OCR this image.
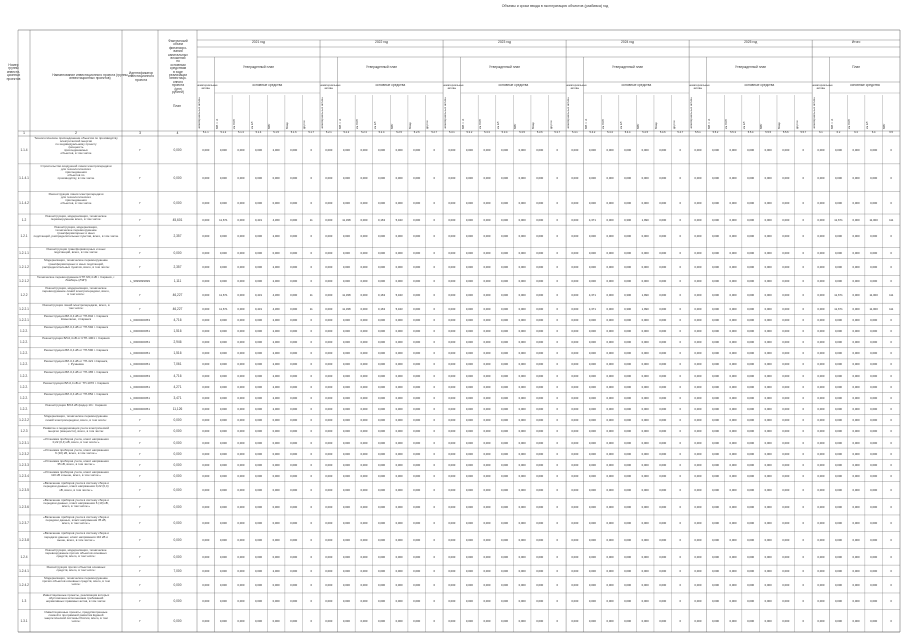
Объемы и сроки ввода в эксплуатацию объектов (разбивка) год
Номер
группы
инвести-
ционных
проектов
Наименование инвестиционного проекта (группы
инвестиционных проектов)
Идентификатор
инвестиционного
проекта
Фактический
объем
финансиро-
вания
капитальных
вложений
по
основным
средствам
в ходе
реализации
инвестици-
онного
проекта
(млн
рублей)
План
2021 год	2022 год	2023 год	2024 год	2025 год	Итого
Утвержденный план
нематериальные активы
основные средства
Утвержденный план
нематериальные активы
основные средства
Утвержденный план
нематериальные активы
основные средства
Утвержденный план
нематериальные активы
основные средства
Утвержденный план
нематериальные активы
основные средства
План
нематериальные активы
основные средства
нематериальные активы	МВ×А	км ЛЭП	км КЛ	МВт	Мвар	другое	нематериальные активы	МВ×А	км ЛЭП	км КЛ	МВт	Мвар	другое	нематериальные активы	МВ×А	км ЛЭП	км КЛ	МВт	Мвар	другое	нематериальные активы	МВ×А	км ЛЭП	км КЛ	МВт	Мвар	другое	нематериальные активы	МВ×А	км ЛЭП	км КЛ	МВт	Мвар	другое	нематериальные активы	МВ×А	км ЛЭП	км КЛ	МВт
1	2	3	4	5.1.1	5.1.2	5.1.3	5.1.4	5.1.5	5.1.6	5.1.7	5.2.1	5.2.2	5.2.3	5.2.4	5.2.5	5.2.6	5.2.7	5.3.1	5.3.2	5.3.3	5.3.4	5.3.5	5.3.6	5.3.7	5.4.1	5.4.2	5.4.3	5.4.4	5.4.5	5.4.6	5.4.7	5.5.1	5.5.2	5.5.3	5.5.4	5.5.5	5.5.6	5.5.7	6.1	6.2	6.3	6.4	6.5
1.1.4
Технологическое присоединение объектов по производству электрической энергии
по индивидуальному проекту
(мощность
присоединяемых
объектов, в том числе
Г	0,000	0,000	0,000	0,000	0,000	2,000	0,000	0	0,000	0,000	0,000	0,000	0,000	0,000	0	0,000	0,000	0,000	0,000	0,000	0,000	0	0,000	0,000	0,000	0,000	0,000	0,000	0	0,000	0,000	0,000	0,000	0,000	0,000	0	0,000	0,000	0,000	0,000	0
1.1.4.1
Строительство воздушной линии электропередачи
для технологического
присоединения
объектов по
производству, в том числе	Г	0,000	0,000	0,000	0,000	0,000	0,000	0,000	0	0,000	0,000	0,000	0,000	0,000	0,000	0	0,000	0,000	0,000	0,000	0,000	0,000	0	0,000	0,000	0,000	0,000	0,000	0,000	0	0,000	0,000	0,000	0,000	0,000	0,000	0	0,000	0,000	0,000	0,000	0
1.1.4.2
Реконструкция линии электропередачи
для технологического
присоединения
объектов, в том числе	Г	0,000	0,000	0,000	0,000	0,000	0,000	0,000	0	0,000	0,000	0,000	0,000	0,000	0,000	0	0,000	0,000	0,000	0,000	0,000	0,000	0	0,000	0,000	0,000	0,000	0,000	0,000	0	0,000	0,000	0,000	0,000	0,000	0,000	0	0,000	0,000	0,000	0,000	0
1.2
Реконструкция, модернизация, техническое
перевооружение всего, в том числе:	Г	45,601	0,000	11,671	0,000	0,431	4,360	0,000	11	0,000	11,338	0,000	0,163	5,043	0,000	0	0,000	0,000	0,000	0,000	0,000	0,000	0	0,000	4,371	0,000	0,300	1,990	0,000	0	0,000	0,000	0,000	0,000	0,000	0,000	0	0,000	11,671	0,000	11,000	111
1.2.1
Реконструкция, модернизация,
техническое перевооружение
трансформаторных и иных
подстанций, распределительных пунктов, всего, в том числе	Г	2,357	0,000	0,000	0,000	0,000	2,000	0,000	0	0,000	0,000	0,000	0,000	0,000	0,000	0	0,000	0,000	0,000	0,000	0,000	0,000	0	0,000	0,000	0,000	0,000	0,000	0,000	0	0,000	0,000	0,000	0,000	0,000	0,000	0	0,000	0,000	0,000	0,000	0
1.2.1.1
Реконструкция трансформаторных и иных
подстанций, всего, в том числе:	Г	0,000	0,000	0,000	0,000	0,000	0,000	0,000	0	0,000	0,000	0,000	0,000	0,000	0,000	0	0,000	0,000	0,000	0,000	0,000	0,000	0	0,000	0,000	0,000	0,000	0,000	0,000	0	0,000	0,000	0,000	0,000	0,000	0,000	0	0,000	0,000	0,000	0,000	0
1.2.1.2
Модернизация, техническое перевооружение
трансформаторных и иных подстанций,
распределительных пунктов, всего, в том числе:	Г	2,357	0,000	0,000	0,000	0,000	2,000	0,000	0	0,000	0,000	0,000	0,000	0,000	0,000	0	0,000	0,000	0,000	0,000	0,000	0,000	0	0,000	0,000	0,000	0,000	0,000	0,000	0	0,000	0,000	0,000	0,000	0,000	0,000	0	0,000	0,000	0,000	0,000	0
1.2.1.2
Техническое перевооружение КТП 6/0,4 кВ г. Саранск, г.
Лямбирь (ЛЭП)	L_9999999999	1,111	0,000	0,000	0,000	0,000	2,000	0,000	0	0,000	0,000	0,000	0,000	0,000	0,000	0	0,000	0,000	0,000	0,000	0,000	0,000	0	0,000	0,000	0,000	0,000	0,000	0,000	0	0,000	0,000	0,000	0,000	0,000	0,000	0	0,000	0,000	0,000	0,000	0
1.2.2
Реконструкция, модернизация, техническое
перевооружение линий электропередачи, всего,
в том числе:	Г	46,227	0,000	11,671	0,000	0,431	4,360	0,000	11	0,000	11,338	0,000	0,163	5,043	0,000	0	0,000	0,000	0,000	0,000	0,000	0,000	0	0,000	4,371	0,000	0,300	1,990	0,000	0	0,000	0,000	0,000	0,000	0,000	0,000	0	0,000	11,671	0,000	11,000	111
1.2.2.1
Реконструкция линий электропередачи, всего, в
том числе:	Г	46,227	0,000	11,671	0,000	0,431	4,360	0,000	11	0,000	11,338	0,000	0,163	5,043	0,000	0	0,000	0,000	0,000	0,000	0,000	0,000	0	0,000	4,371	0,000	0,300	1,990	0,000	0	0,000	0,000	0,000	0,000	0,000	0,000	0	0,000	11,671	0,000	11,000	111
1.2.2.1
Реконструкция ВЛ-0,4 кВ от ТП-842 г. Саранск
Ковылкино, г.Саранск	L_0000000053	4,716	0,000	0,000	0,000	0,000	2,000	0,000	0	0,000	0,000	0,000	0,000	0,000	0,000	0	0,000	0,000	0,000	0,000	0,000	0,000	0	0,000	0,000	0,000	0,000	0,000	0,000	0	0,000	0,000	0,000	0,000	0,000	0,000	0	0,000	0,000	0,000	0,000	0
1.2.2.
Реконструкция ВЛ-0,4 кВ от ТП-592 г. Саранск
L_0000000051	1,516	0,000	0,000	0,000	0,000	2,000	0,000	0	0,000	0,000	0,000	0,000	0,000	0,000	0	0,000	0,000	0,000	0,000	0,000	0,000	0	0,000	0,000	0,000	0,000	0,000	0,000	0	0,000	0,000	0,000	0,000	0,000	0,000	0	0,000	0,000	0,000	0,000	0
1.2.2.
Реконструкция ВЛ-0,4 кВ от КТП-1001 г. Саранск
L_0000000051	2,946	0,000	0,000	0,000	0,000	2,000	0,000	0	0,000	0,000	0,000	0,000	0,000	0,000	0	0,000	0,000	0,000	0,000	0,000	0,000	0	0,000	0,000	0,000	0,000	0,000	0,000	0	0,000	0,000	0,000	0,000	0,000	0,000	0	0,000	0,000	0,000	0,000	0
1.2.2.
Реконструкция ВЛ-0,4 кВ от ТП-590 г. Саранск
L_0000000051	1,516	0,000	0,000	0,000	0,000	2,000	0,000	0	0,000	0,000	0,000	0,000	0,000	0,000	0	0,000	0,000	0,000	0,000	0,000	0,000	0	0,000	0,000	0,000	0,000	0,000	0,000	0	0,000	0,000	0,000	0,000	0,000	0,000	0	0,000	0,000	0,000	0,000	0
1.2.2.
Реконструкция ВЛ-0,4 кВ от ТП-421 г.Саранск,
г. Рузаевка	L_0000000051	7,061	0,000	0,000	0,000	0,000	2,000	0,000	0	0,000	0,000	0,000	0,000	0,000	0,000	0	0,000	0,000	0,000	0,000	0,000	0,000	0	0,000	0,000	0,000	0,000	0,000	0,000	0	0,000	0,000	0,000	0,000	0,000	0,000	0	0,000	0,000	0,000	0,000	0
1.2.2.
Реконструкция ВЛ-0,4 кВ от ТП-465 г. Саранск
L_0000000053	4,716	0,000	0,000	0,000	0,000	2,000	0,000	0	0,000	0,000	0,000	0,000	0,000	0,000	0	0,000	0,000	0,000	0,000	0,000	0,000	0	0,000	0,000	0,000	0,000	0,000	0,000	0	0,000	0,000	0,000	0,000	0,000	0,000	0	0,000	0,000	0,000	0,000	0
1.2.2.
Реконструкция ВЛ-0,4 кВ от ТП-1076 г. Саранск
L_0000000051	4,271	0,000	0,000	0,000	0,000	2,000	0,000	0	0,000	0,000	0,000	0,000	0,000	0,000	0	0,000	0,000	0,000	0,000	0,000	0,000	0	0,000	0,000	0,000	0,000	0,000	0,000	0	0,000	0,000	0,000	0,000	0,000	0,000	0	0,000	0,000	0,000	0,000	0
1.2.2.
Реконструкция ВЛ-0,4 кВ от ТП-852 г. Саранск
L_0000000051	3,471	0,000	0,000	0,000	0,000	2,000	0,000	0	0,000	0,000	0,000	0,000	0,000	0,000	0	0,000	0,000	0,000	0,000	0,000	0,000	0	0,000	0,000	0,000	0,000	0,000	0,000	0	0,000	0,000	0,000	0,000	0,000	0,000	0	0,000	0,000	0,000	0,000	0
1.2.2.
Реконструкция ВЛ-6 кВ фидер 10 г. Саранск
L_0000000051	11,126	0,000	0,000	0,000	0,000	2,000	0,000	0	0,000	0,000	0,000	0,000	0,000	0,000	0	0,000	0,000	0,000	0,000	0,000	0,000	0	0,000	0,000	0,000	0,000	0,000	0,000	0	0,000	0,000	0,000	0,000	0,000	0,000	0	0,000	0,000	0,000	0,000	0
1.2.2.2
Модернизация, техническое перевооружение
линий электропередачи, всего, в том числе:	Г	0,000	0,000	0,000	0,000	0,000	0,000	0,000	0	0,000	0,000	0,000	0,000	0,000	0,000	0	0,000	0,000	0,000	0,000	0,000	0,000	0	0,000	0,000	0,000	0,000	0,000	0,000	0	0,000	0,000	0,000	0,000	0,000	0,000	0	0,000	0,000	0,000	0,000	0
1.2.3
Развитие и модернизация учета электрической
энергии (мощности), всего, в том числе:	Г	0,000	0,000	0,000	0,000	0,000	0,000	0,000	0	0,000	0,000	0,000	0,000	0,000	0,000	0	0,000	0,000	0,000	0,000	0,000	0,000	0	0,000	0,000	0,000	0,000	0,000	0,000	0	0,000	0,000	0,000	0,000	0,000	0,000	0	0,000	0,000	0,000	0,000	0
1.2.3.1
«Установка приборов учета, класс напряжения
0,22 (0,4) кВ, всего, в том числе:»	Г	0,000	0,000	0,000	0,000	0,000	0,000	0,000	0	0,000	0,000	0,000	0,000	0,000	0,000	0	0,000	0,000	0,000	0,000	0,000	0,000	0	0,000	0,000	0,000	0,000	0,000	0,000	0	0,000	0,000	0,000	0,000	0,000	0,000	0	0,000	0,000	0,000	0,000	0
1.2.3.2
«Установка приборов учета, класс напряжения
6 (10) кВ, всего, в том числе:»	Г	0,000	0,000	0,000	0,000	0,000	0,000	0,000	0	0,000	0,000	0,000	0,000	0,000	0,000	0	0,000	0,000	0,000	0,000	0,000	0,000	0	0,000	0,000	0,000	0,000	0,000	0,000	0	0,000	0,000	0,000	0,000	0,000	0,000	0	0,000	0,000	0,000	0,000	0
1.2.3.3
«Установка приборов учета, класс напряжения
35 кВ, всего, в том числе:»	Г	0,000	0,000	0,000	0,000	0,000	0,000	0,000	0	0,000	0,000	0,000	0,000	0,000	0,000	0	0,000	0,000	0,000	0,000	0,000	0,000	0	0,000	0,000	0,000	0,000	0,000	0,000	0	0,000	0,000	0,000	0,000	0,000	0,000	0	0,000	0,000	0,000	0,000	0
1.2.3.4
«Установка приборов учета, класс напряжения
110 кВ и выше, всего, в том числе:»	Г	0,000	0,000	0,000	0,000	0,000	0,000	0,000	0	0,000	0,000	0,000	0,000	0,000	0,000	0	0,000	0,000	0,000	0,000	0,000	0,000	0	0,000	0,000	0,000	0,000	0,000	0,000	0	0,000	0,000	0,000	0,000	0,000	0,000	0	0,000	0,000	0,000	0,000	0
1.2.3.5
«Включение приборов учета в систему сбора и
передачи данных, класс напряжения 0,22 (0,4)
кВ, всего, в том числе:»	Г	0,000	0,000	0,000	0,000	0,000	0,000	0,000	0	0,000	0,000	0,000	0,000	0,000	0,000	0	0,000	0,000	0,000	0,000	0,000	0,000	0	0,000	0,000	0,000	0,000	0,000	0,000	0	0,000	0,000	0,000	0,000	0,000	0,000	0	0,000	0,000	0,000	0,000	0
1.2.3.6
«Включение приборов учета в систему сбора и
передачи данных, класс напряжения 6 (10) кВ,
всего, в том числе:»	Г	0,000	0,000	0,000	0,000	0,000	0,000	0,000	0	0,000	0,000	0,000	0,000	0,000	0,000	0	0,000	0,000	0,000	0,000	0,000	0,000	0	0,000	0,000	0,000	0,000	0,000	0,000	0	0,000	0,000	0,000	0,000	0,000	0,000	0	0,000	0,000	0,000	0,000	0
1.2.3.7
«Включение приборов учета в систему сбора и
передачи данных, класс напряжения 35 кВ,
всего, в том числе:»	Г	0,000	0,000	0,000	0,000	0,000	0,000	0,000	0	0,000	0,000	0,000	0,000	0,000	0,000	0	0,000	0,000	0,000	0,000	0,000	0,000	0	0,000	0,000	0,000	0,000	0,000	0,000	0	0,000	0,000	0,000	0,000	0,000	0,000	0	0,000	0,000	0,000	0,000	0
1.2.3.8
«Включение приборов учета в систему сбора и
передачи данных, класс напряжения 110 кВ и
выше, всего, в том числе:»	Г	0,000	0,000	0,000	0,000	0,000	0,000	0,000	0	0,000	0,000	0,000	0,000	0,000	0,000	0	0,000	0,000	0,000	0,000	0,000	0,000	0	0,000	0,000	0,000	0,000	0,000	0,000	0	0,000	0,000	0,000	0,000	0,000	0,000	0	0,000	0,000	0,000	0,000	0
1.2.4
Реконструкция, модернизация, техническое
перевооружение прочих объектов основных
средств, всего, в том числе:	Г	0,000	0,000	0,000	0,000	0,000	0,000	0,000	0	0,000	0,000	0,000	0,000	0,000	0,000	0	0,000	0,000	0,000	0,000	0,000	0,000	0	0,000	0,000	0,000	0,000	0,000	0,000	0	0,000	0,000	0,000	0,000	0,000	0,000	0	0,000	0,000	0,000	0,000	0
1.2.4.1
Реконструкция прочих объектов основных
средств, всего, в том числе:	Г	7,000	0,000	0,000	0,000	0,000	2,000	0,000	0	0,000	0,000	0,000	0,000	0,000	0,000	0	0,000	0,000	0,000	0,000	0,000	0,000	0	0,000	0,000	0,000	0,000	0,000	0,000	0	0,000	0,000	0,000	0,000	0,000	0,000	0	0,000	0,000	0,000	0,000	0
1.2.4.2
Модернизация, техническое перевооружение
прочих объектов основных средств, всего, в том
числе:	Г	0,000	0,000	0,000	0,000	0,000	0,000	0,000	0	0,000	0,000	0,000	0,000	0,000	0,000	0	0,000	0,000	0,000	0,000	0,000	0,000	0	0,000	0,000	0,000	0,000	0,000	0,000	0	0,000	0,000	0,000	0,000	0,000	0,000	0	0,000	0,000	0,000	0,000	0
1.3
Инвестиционные проекты, реализация которых
обусловлена исполнением требований
нормативных правовых актов, в том числе:	Г	0,000	0,000	0,000	0,000	0,000	0,000	0,000	0	0,000	0,000	0,000	0,000	0,000	0,000	0	0,000	0,000	0,000	0,000	0,000	0,000	0	0,000	0,000	0,000	0,000	0,000	0,000	0	0,000	0,000	0,000	0,000	0,000	0,000	0	0,000	0,000	0,000	0,000	0
1.3.1
Инвестиционные проекты, предусмотренные
схемой и программой развития Единой
энергетической системы России, всего, в том
числе:	Г	0,000	0,000	0,000	0,000	0,000	0,000	0,000	0	0,000	0,000	0,000	0,000	0,000	0,000	0	0,000	0,000	0,000	0,000	0,000	0,000	0	0,000	0,000	0,000	0,000	0,000	0,000	0	0,000	0,000	0,000	0,000	0,000	0,000	0	0,000	0,000	0,000	0,000	0
